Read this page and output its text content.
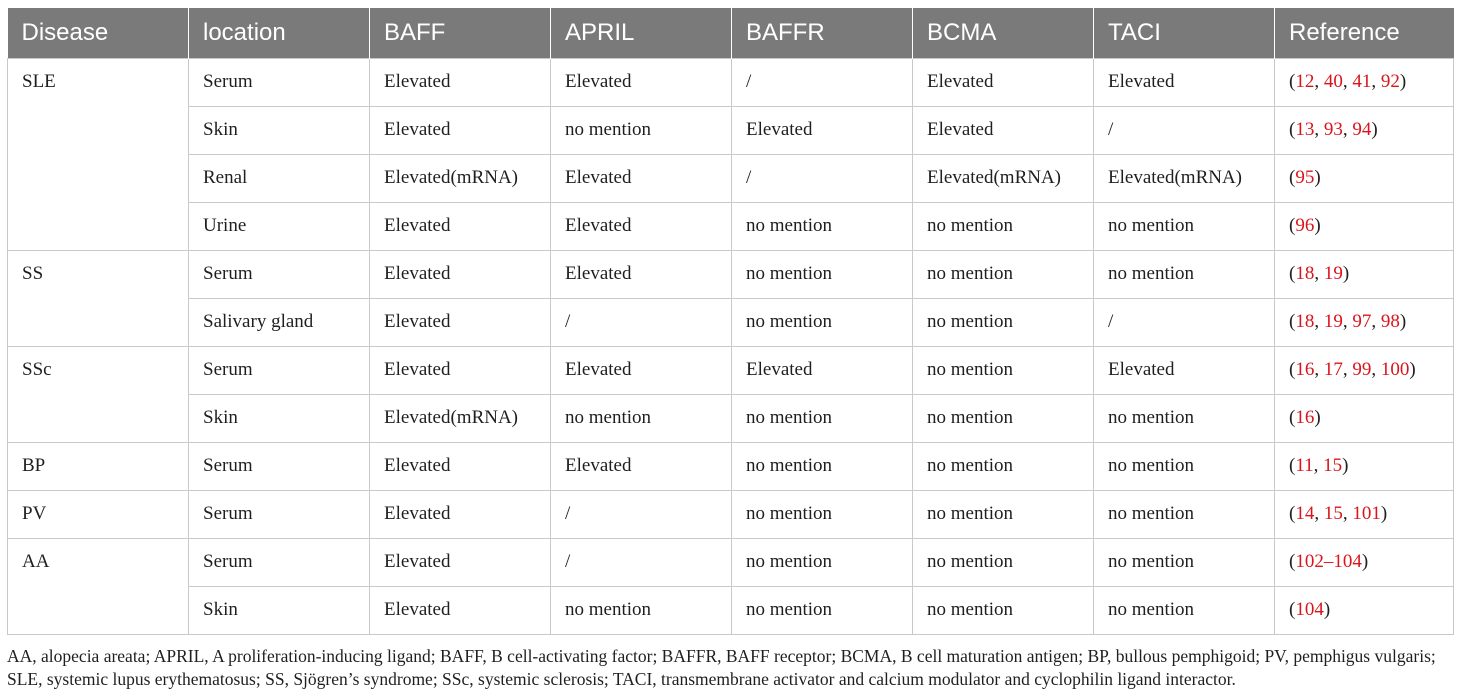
Disease	location	BAFF	APRIL	BAFFR	BCMA	TACI	Reference
SLE	Serum	Elevated	Elevated	/	Elevated	Elevated	(12, 40, 41, 92)
	Skin	Elevated	no mention	Elevated	Elevated	/	(13, 93, 94)
	Renal	Elevated(mRNA)	Elevated	/	Elevated(mRNA)	Elevated(mRNA)	(95)
	Urine	Elevated	Elevated	no mention	no mention	no mention	(96)
SS	Serum	Elevated	Elevated	no mention	no mention	no mention	(18, 19)
	Salivary gland	Elevated	/	no mention	no mention	/	(18, 19, 97, 98)
SSc	Serum	Elevated	Elevated	Elevated	no mention	Elevated	(16, 17, 99, 100)
	Skin	Elevated(mRNA)	no mention	no mention	no mention	no mention	(16)
BP	Serum	Elevated	Elevated	no mention	no mention	no mention	(11, 15)
PV	Serum	Elevated	/	no mention	no mention	no mention	(14, 15, 101)
AA	Serum	Elevated	/	no mention	no mention	no mention	(102–104)
	Skin	Elevated	no mention	no mention	no mention	no mention	(104)

AA, alopecia areata; APRIL, A proliferation-inducing ligand; BAFF, B cell-activating factor; BAFFR, BAFF receptor; BCMA, B cell maturation antigen; BP, bullous pemphigoid; PV, pemphigus vulgaris; SLE, systemic lupus erythematosus; SS, Sjögren’s syndrome; SSc, systemic sclerosis; TACI, transmembrane activator and calcium modulator and cyclophilin ligand interactor.
